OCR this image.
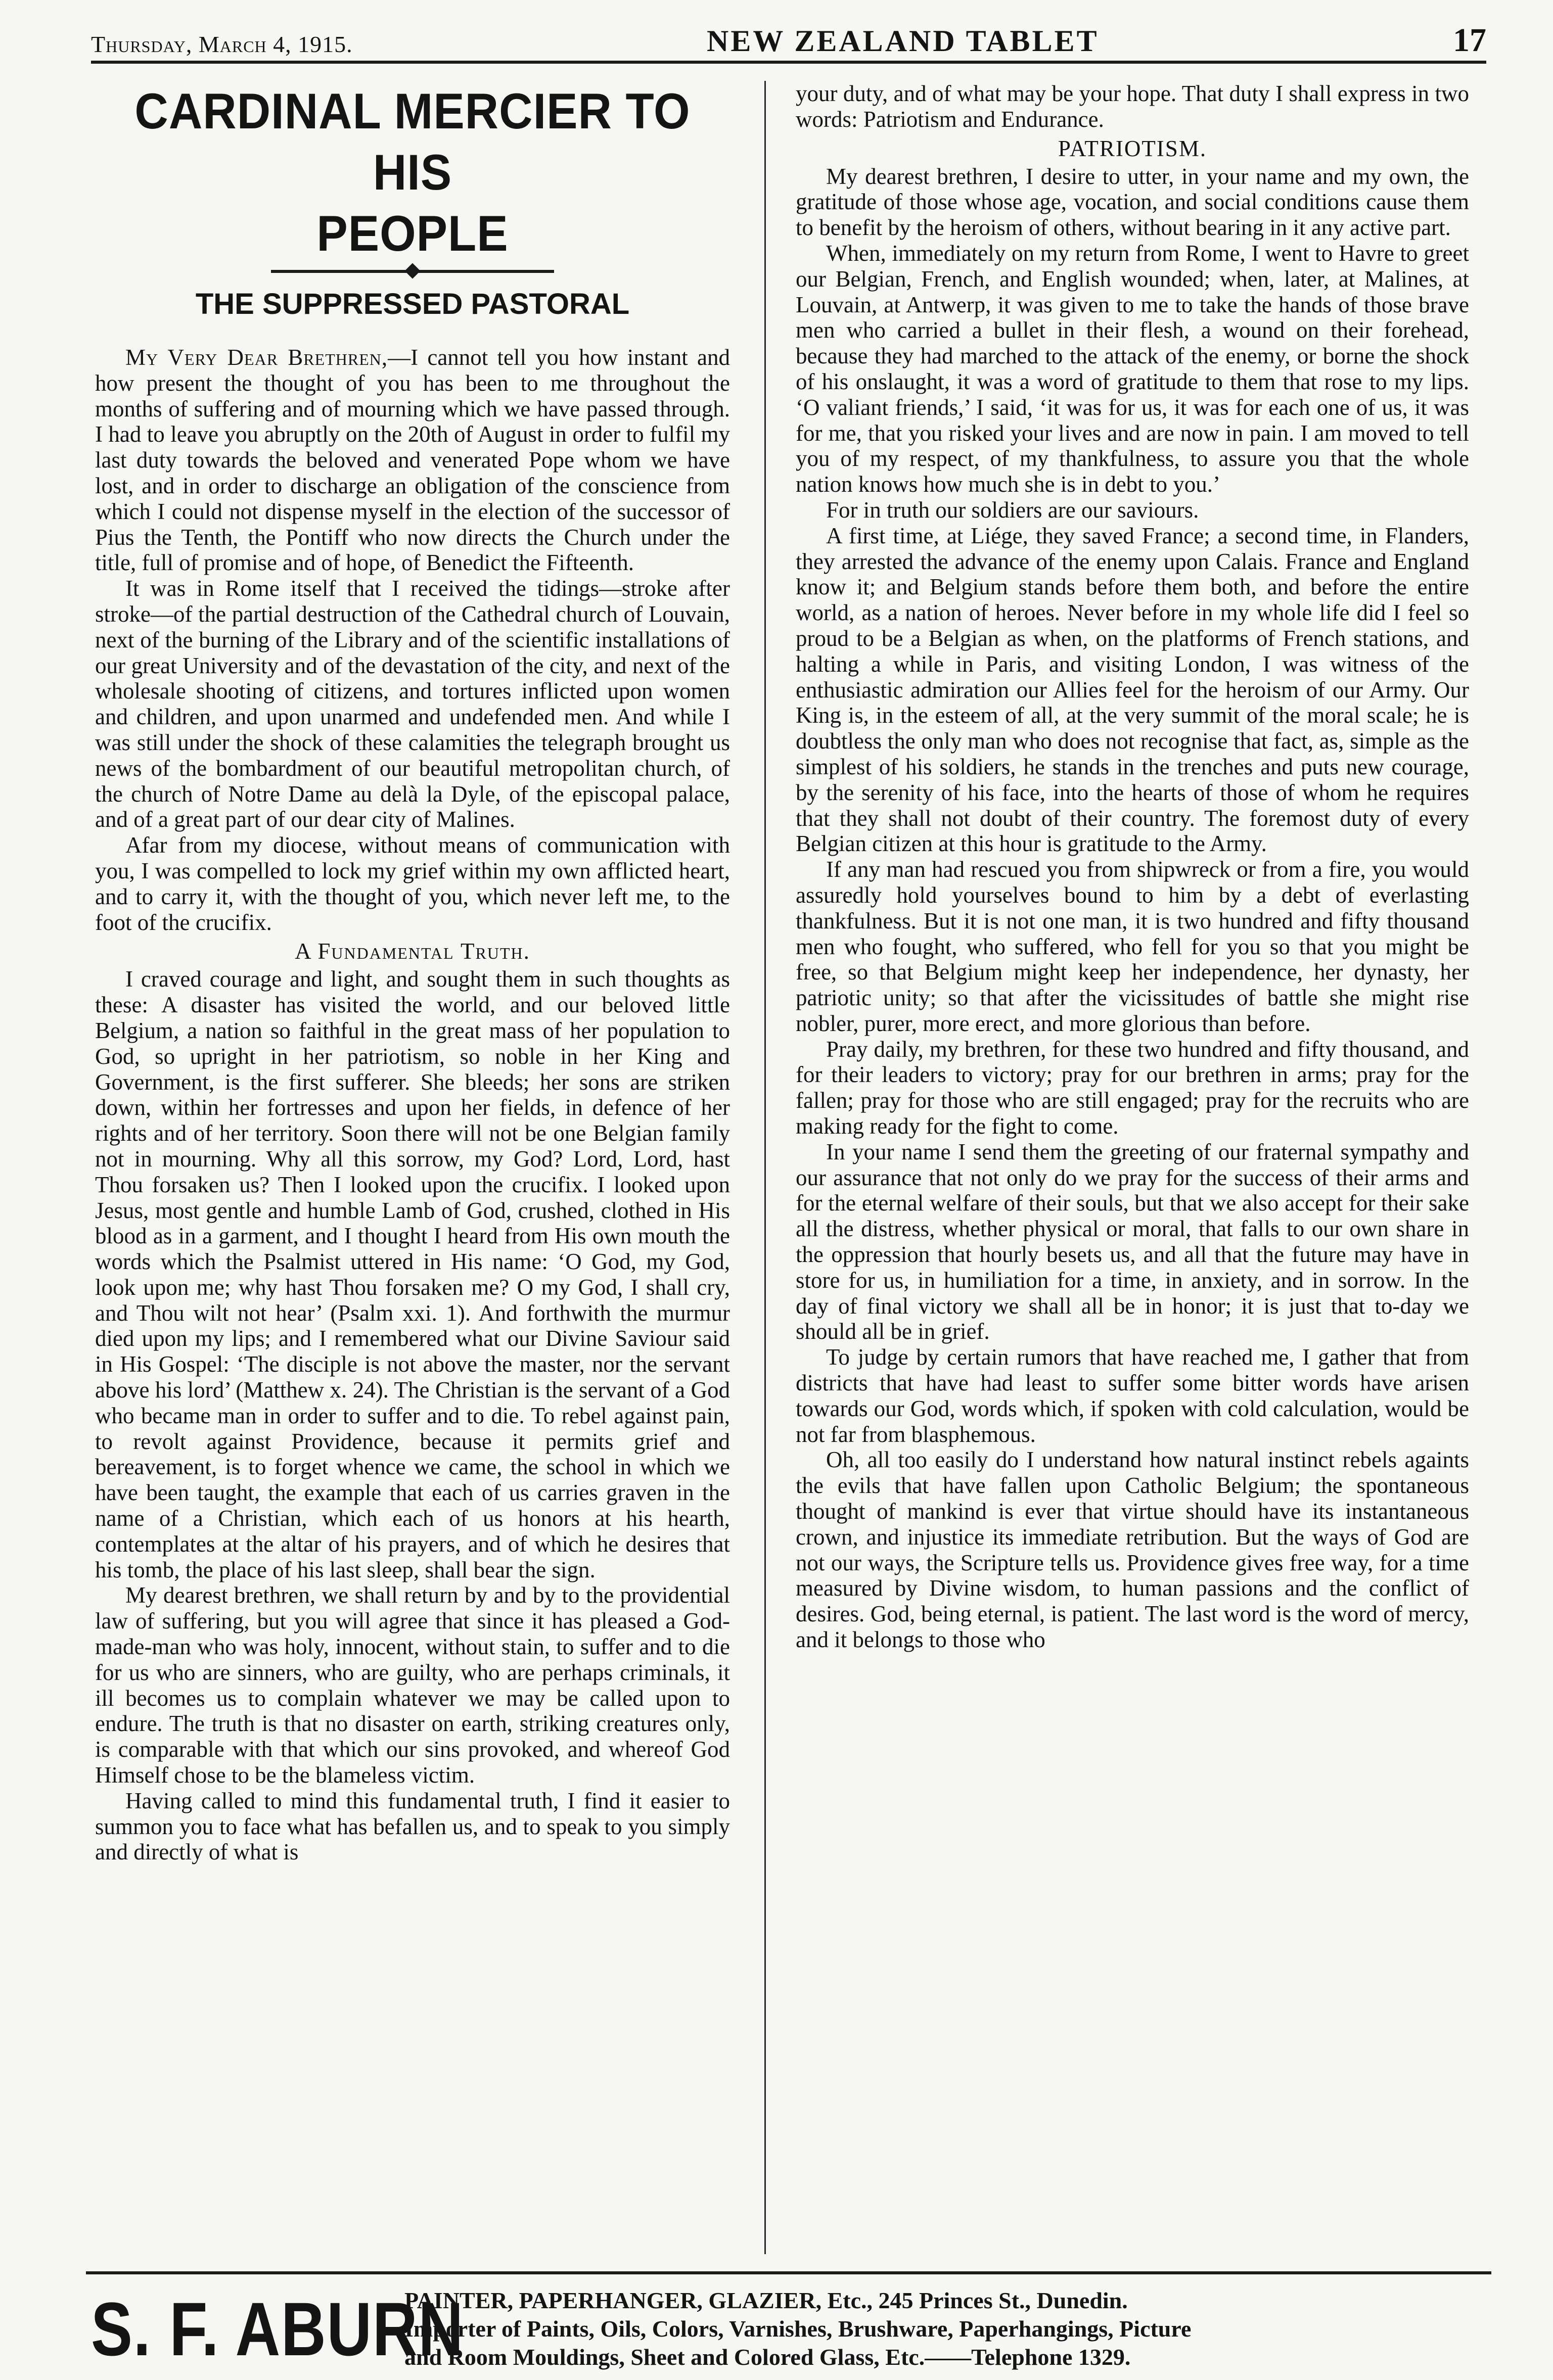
Thursday, March 4, 1915.	NEW ZEALAND TABLET	17
CARDINAL MERCIER TO HIS
PEOPLE
THE SUPPRESSED PASTORAL

My Very Dear Brethren,—I cannot tell you how instant and how present the thought of you has been to me throughout the months of suffering and of mourning which we have passed through. I had to leave you abruptly on the 20th of August in order to fulfil my last duty towards the beloved and venerated Pope whom we have lost, and in order to discharge an obligation of the conscience from which I could not dispense myself in the election of the successor of Pius the Tenth, the Pontiff who now directs the Church under the title, full of promise and of hope, of Benedict the Fifteenth.

It was in Rome itself that I received the tidings—stroke after stroke—of the partial destruction of the Cathedral church of Louvain, next of the burning of the Library and of the scientific installations of our great University and of the devastation of the city, and next of the wholesale shooting of citizens, and tortures inflicted upon women and children, and upon unarmed and undefended men. And while I was still under the shock of these calamities the telegraph brought us news of the bombardment of our beautiful metropolitan church, of the church of Notre Dame au delà la Dyle, of the episcopal palace, and of a great part of our dear city of Malines.

Afar from my diocese, without means of communication with you, I was compelled to lock my grief within my own afflicted heart, and to carry it, with the thought of you, which never left me, to the foot of the crucifix.

A Fundamental Truth.

I craved courage and light, and sought them in such thoughts as these: A disaster has visited the world, and our beloved little Belgium, a nation so faithful in the great mass of her population to God, so upright in her patriotism, so noble in her King and Government, is the first sufferer. She bleeds; her sons are striken down, within her fortresses and upon her fields, in defence of her rights and of her territory. Soon there will not be one Belgian family not in mourning. Why all this sorrow, my God? Lord, Lord, hast Thou forsaken us? Then I looked upon the crucifix. I looked upon Jesus, most gentle and humble Lamb of God, crushed, clothed in His blood as in a garment, and I thought I heard from His own mouth the words which the Psalmist uttered in His name: ‘O God, my God, look upon me; why hast Thou forsaken me? O my God, I shall cry, and Thou wilt not hear’ (Psalm xxi. 1). And forthwith the murmur died upon my lips; and I remembered what our Divine Saviour said in His Gospel: ‘The disciple is not above the master, nor the servant above his lord’ (Matthew x. 24). The Christian is the servant of a God who became man in order to suffer and to die. To rebel against pain, to revolt against Providence, because it permits grief and bereavement, is to forget whence we came, the school in which we have been taught, the example that each of us carries graven in the name of a Christian, which each of us honors at his hearth, contemplates at the altar of his prayers, and of which he desires that his tomb, the place of his last sleep, shall bear the sign.

My dearest brethren, we shall return by and by to the providential law of suffering, but you will agree that since it has pleased a God-made-man who was holy, innocent, without stain, to suffer and to die for us who are sinners, who are guilty, who are perhaps criminals, it ill becomes us to complain whatever we may be called upon to endure. The truth is that no disaster on earth, striking creatures only, is comparable with that which our sins provoked, and whereof God Himself chose to be the blameless victim.

Having called to mind this fundamental truth, I find it easier to summon you to face what has befallen us, and to speak to you simply and directly of what is

your duty, and of what may be your hope. That duty I shall express in two words: Patriotism and Endurance.

PATRIOTISM.

My dearest brethren, I desire to utter, in your name and my own, the gratitude of those whose age, vocation, and social conditions cause them to benefit by the heroism of others, without bearing in it any active part.

When, immediately on my return from Rome, I went to Havre to greet our Belgian, French, and English wounded; when, later, at Malines, at Louvain, at Antwerp, it was given to me to take the hands of those brave men who carried a bullet in their flesh, a wound on their forehead, because they had marched to the attack of the enemy, or borne the shock of his onslaught, it was a word of gratitude to them that rose to my lips. ‘O valiant friends,’ I said, ‘it was for us, it was for each one of us, it was for me, that you risked your lives and are now in pain. I am moved to tell you of my respect, of my thankfulness, to assure you that the whole nation knows how much she is in debt to you.’

For in truth our soldiers are our saviours.

A first time, at Liége, they saved France; a second time, in Flanders, they arrested the advance of the enemy upon Calais. France and England know it; and Belgium stands before them both, and before the entire world, as a nation of heroes. Never before in my whole life did I feel so proud to be a Belgian as when, on the platforms of French stations, and halting a while in Paris, and visiting London, I was witness of the enthusiastic admiration our Allies feel for the heroism of our Army. Our King is, in the esteem of all, at the very summit of the moral scale; he is doubtless the only man who does not recognise that fact, as, simple as the simplest of his soldiers, he stands in the trenches and puts new courage, by the serenity of his face, into the hearts of those of whom he requires that they shall not doubt of their country. The foremost duty of every Belgian citizen at this hour is gratitude to the Army.

If any man had rescued you from shipwreck or from a fire, you would assuredly hold yourselves bound to him by a debt of everlasting thankfulness. But it is not one man, it is two hundred and fifty thousand men who fought, who suffered, who fell for you so that you might be free, so that Belgium might keep her independence, her dynasty, her patriotic unity; so that after the vicissitudes of battle she might rise nobler, purer, more erect, and more glorious than before.

Pray daily, my brethren, for these two hundred and fifty thousand, and for their leaders to victory; pray for our brethren in arms; pray for the fallen; pray for those who are still engaged; pray for the recruits who are making ready for the fight to come.

In your name I send them the greeting of our fraternal sympathy and our assurance that not only do we pray for the success of their arms and for the eternal welfare of their souls, but that we also accept for their sake all the distress, whether physical or moral, that falls to our own share in the oppression that hourly besets us, and all that the future may have in store for us, in humiliation for a time, in anxiety, and in sorrow. In the day of final victory we shall all be in honor; it is just that to-day we should all be in grief.

To judge by certain rumors that have reached me, I gather that from districts that have had least to suffer some bitter words have arisen towards our God, words which, if spoken with cold calculation, would be not far from blasphemous.

Oh, all too easily do I understand how natural instinct rebels againts the evils that have fallen upon Catholic Belgium; the spontaneous thought of mankind is ever that virtue should have its instantaneous crown, and injustice its immediate retribution. But the ways of God are not our ways, the Scripture tells us. Providence gives free way, for a time measured by Divine wisdom, to human passions and the conflict of desires. God, being eternal, is patient. The last word is the word of mercy, and it belongs to those who

S. F. ABURN
PAINTER, PAPERHANGER, GLAZIER, Etc., 245 Princes St., Dunedin.
Importer of Paints, Oils, Colors, Varnishes, Brushware, Paperhangings, Picture
and Room Mouldings, Sheet and Colored Glass, Etc.——Telephone 1329.
